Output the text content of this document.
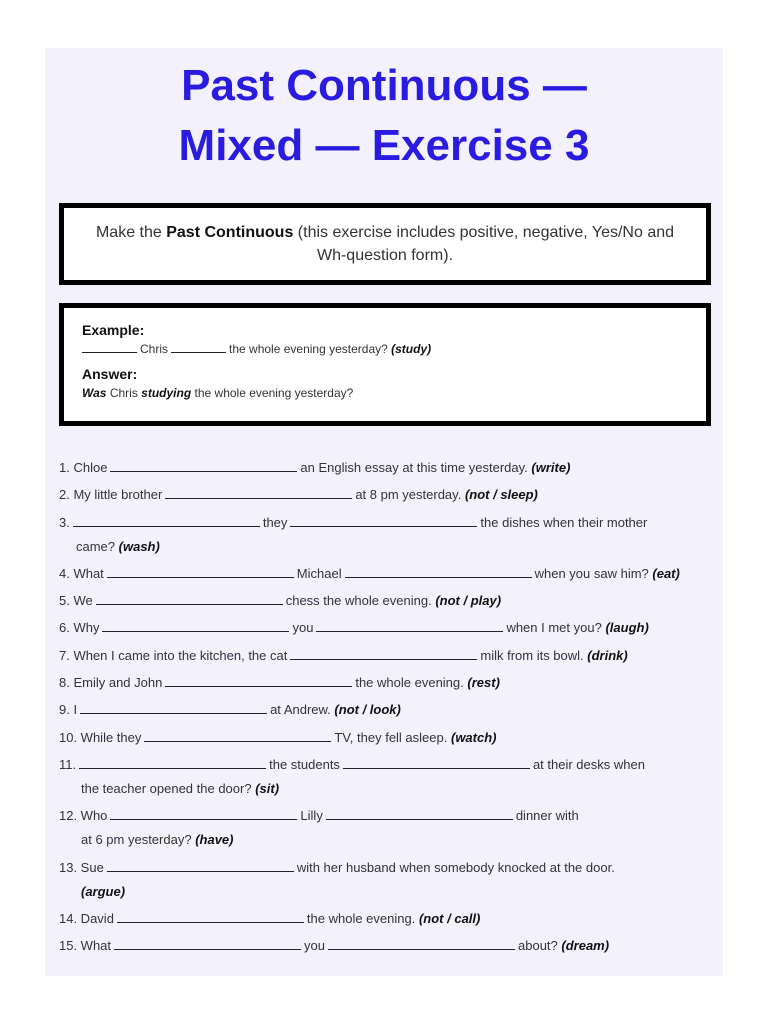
Past Continuous —
Mixed — Exercise 3

Make the Past Continuous (this exercise includes positive, negative, Yes/No and Wh-question form).

Example:
Chris	the whole evening yesterday? (study)
Answer:
Was Chris studying the whole evening yesterday?
1. Chloe	an English essay at this time yesterday. (write)
2. My little brother	at 8 pm yesterday. (not / sleep)
3.	they	the dishes when their mother
came? (wash)
4. What	Michael	when you saw him? (eat)
5. We	chess the whole evening. (not / play)
6. Why	you	when I met you? (laugh)
7. When I came into the kitchen, the cat	milk from its bowl. (drink)
8. Emily and John	the whole evening. (rest)
9. I	at Andrew. (not / look)
10. While they	TV, they fell asleep. (watch)
11.	the students	at their desks when
the teacher opened the door? (sit)
12. Who	Lilly	dinner with
at 6 pm yesterday? (have)
13. Sue	with her husband when somebody knocked at the door.
(argue)
14. David	the whole evening. (not / call)
15. What	you	about? (dream)
